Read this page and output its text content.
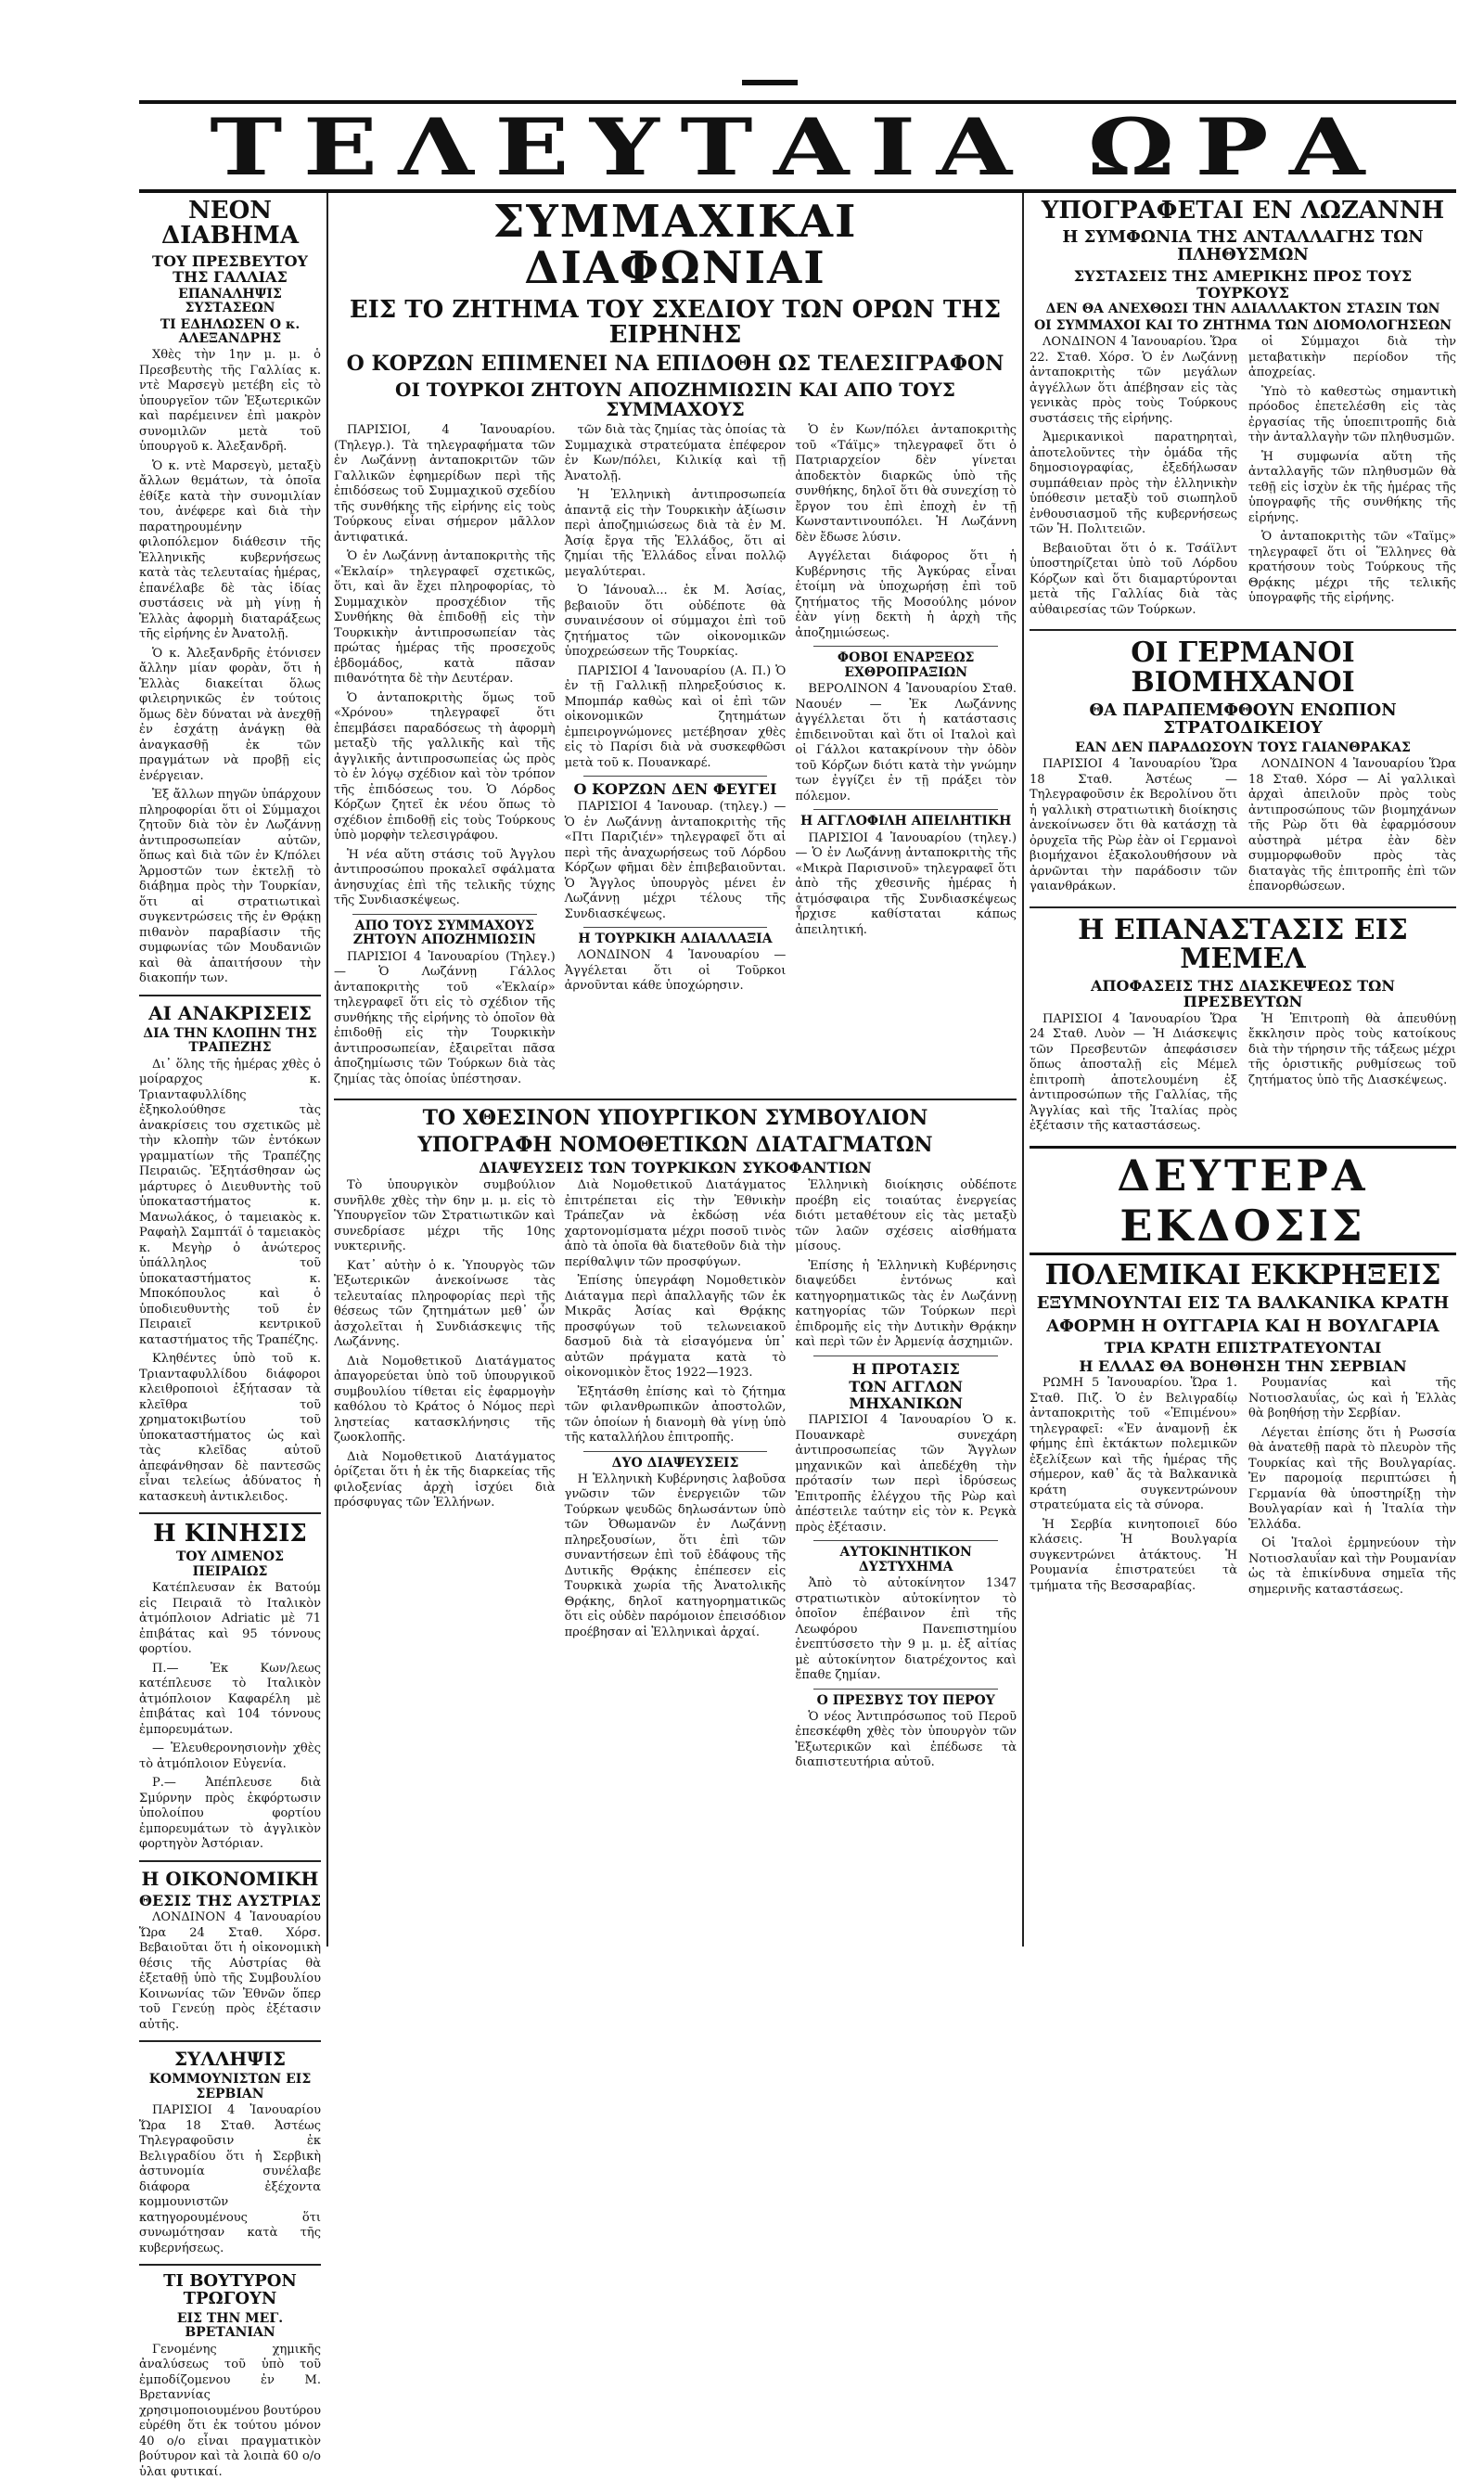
ΤΕΛΕΥΤΑΙΑ ΩΡΑ
ΝΕΟΝ ΔΙΑΒΗΜΑ
ΤΟΥ ΠΡΕΣΒΕΥΤΟΥ ΤΗΣ ΓΑΛΛΙΑΣ
ΕΠΑΝΑΛΗΨΙΣ ΣΥΣΤΑΣΕΩΝ
ΤΙ ΕΔΗΛΩΣΕΝ Ο κ. ΑΛΕΞΑΝΔΡΗΣ

Χθὲς τὴν 1ην μ. μ. ὁ Πρεσβευτὴς τῆς Γαλλίας κ. ντὲ Μαρσεγὺ μετέβη εἰς τὸ ὑπουργεῖον τῶν Ἐξωτερικῶν καὶ παρέμεινεν ἐπὶ μακρὸν συνομιλῶν μετὰ τοῦ ὑπουργοῦ κ. Ἀλεξανδρῆ.

Ὁ κ. ντὲ Μαρσεγὺ, μεταξὺ ἄλλων θεμάτων, τὰ ὁποῖα ἐθίξε κατὰ τὴν συνομιλίαν του, ἀνέφερε καὶ διὰ τὴν παρατηρουμένην φιλοπόλεμον διάθεσιν τῆς Ἑλληνικῆς κυβερνήσεως κατὰ τὰς τελευταίας ἡμέρας, ἐπανέλαβε δὲ τὰς ἰδίας συστάσεις νὰ μὴ γίνῃ ἡ Ἑλλὰς ἀφορμὴ διαταράξεως τῆς εἰρήνης ἐν Ἀνατολῇ.

Ὁ κ. Ἀλεξανδρῆς ἐτόνισεν ἄλλην μίαν φορὰν, ὅτι ἡ Ἑλλὰς διακείται ὅλως φιλειρηνικῶς ἐν τούτοις ὅμως δὲν δύναται νὰ ἀνεχθῇ ἐν ἐσχάτῃ ἀνάγκῃ θὰ ἀναγκασθῇ ἐκ τῶν πραγμάτων νὰ προβῇ εἰς ἐνέργειαν.

Ἐξ ἄλλων πηγῶν ὑπάρχουν πληροφορίαι ὅτι οἱ Σύμμαχοι ζητοῦν διὰ τὸν ἐν Λωζάννῃ ἀντιπροσωπείαν αὐτῶν, ὅπως καὶ διὰ τῶν ἐν Κ/πόλει Ἁρμοστῶν των ἐκτελῇ τὸ διάβημα πρὸς τὴν Τουρκίαν, ὅτι αἱ στρατιωτικαὶ συγκεντρώσεις τῆς ἐν Θρᾴκῃ πιθανὸν παραβίασιν τῆς συμφωνίας τῶν Μουδανιῶν καὶ θὰ ἀπαιτήσουν τὴν διακοπήν των.

ΑΙ ΑΝΑΚΡΙΣΕΙΣ
ΔΙΑ ΤΗΝ ΚΛΟΠΗΝ ΤΗΣ ΤΡΑΠΕΖΗΣ

Δι᾽ ὅλης τῆς ἡμέρας χθὲς ὁ μοίραρχος κ. Τριανταφυλλίδης ἐξηκολούθησε τὰς ἀνακρίσεις του σχετικῶς μὲ τὴν κλοπὴν τῶν ἐντόκων γραμματίων τῆς Τραπέζης Πειραιῶς. Ἐξητάσθησαν ὡς μάρτυρες ὁ Διευθυντὴς τοῦ ὑποκαταστήματος κ. Μανωλάκος, ὁ ταμειακὸς κ. Ραφαὴλ Σαμπτάϊ ὁ ταμειακὸς κ. Μεγὴρ ὁ ἀνώτερος ὑπάλληλος τοῦ ὑποκαταστήματος κ. Μποκόπουλος καὶ ὁ ὑποδιευθυντὴς τοῦ ἐν Πειραιεῖ κεντρικοῦ καταστήματος τῆς Τραπέζης.

Κληθέντες ὑπὸ τοῦ κ. Τριανταφυλλίδου διάφοροι κλειθροποιοὶ ἐξήτασαν τὰ κλεῖθρα τοῦ χρηματοκιβωτίου τοῦ ὑποκαταστήματος ὡς καὶ τὰς κλεῖδας αὐτοῦ ἀπεφάνθησαν δὲ παντεσῶς εἶναι τελείως ἀδύνατος ἡ κατασκευὴ ἀντικλειδος.

Η ΚΙΝΗΣΙΣ
ΤΟΥ ΛΙΜΕΝΟΣ ΠΕΙΡΑΙΩΣ

Κατέπλευσαν ἐκ Βατούμ εἰς Πειραιᾶ τὸ Ιταλικὸν ἀτμόπλοιον Adriatic μὲ 71 ἐπιβάτας καὶ 95 τόννους φορτίου.

Π.— Ἐκ Κων/λεως κατέπλευσε τὸ Ιταλικὸν ἀτμόπλοιον Καφαρέλη μὲ ἐπιβάτας καὶ 104 τόννους ἐμπορευμάτων.

— Ἐλευθερονησιονὴν χθὲς τὸ ἀτμόπλοιον Εὐγενία.

Ρ.— Ἀπέπλευσε διὰ Σμύρνην πρὸς ἐκφόρτωσιν ὑπολοίπου φορτίου ἐμπορευμάτων τὸ ἀγγλικὸν φορτηγὸν Ἀστόριαν.

Η ΟΙΚΟΝΟΜΙΚΗ
ΘΕΣΙΣ ΤΗΣ ΑΥΣΤΡΙΑΣ

ΛΟΝΔΙΝΟΝ 4 Ἰανουαρίου Ὥρα 24 Σταθ. Χόρσ. Βεβαιοῦται ὅτι ἡ οἰκονομικὴ θέσις τῆς Αὐστρίας θὰ ἐξεταθῇ ὑπὸ τῆς Συμβουλίου Κοινωνίας τῶν Ἐθνῶν ὅπερ τοῦ Γενεύῃ πρὸς ἐξέτασιν αὐτῆς.

ΣΥΛΛΗΨΙΣ
ΚΟΜΜΟΥΝΙΣΤΩΝ ΕΙΣ ΣΕΡΒΙΑΝ

ΠΑΡΙΣΙΟΙ 4 Ἰανουαρίου Ὥρα 18 Σταθ. Ἀστέως Τηλεγραφοῦσιν ἐκ Βελιγραδίου ὅτι ἡ Σερβικὴ ἀστυνομία συνέλαβε διάφορα ἐξέχοντα κομμουνιστῶν κατηγορουμένους ὅτι συνωμότησαν κατὰ τῆς κυβερνήσεως.

ΤΙ ΒΟΥΤΥΡΟΝ ΤΡΩΓΟΥΝ
ΕΙΣ ΤΗΝ ΜΕΓ. ΒΡΕΤΑΝΙΑΝ

Γενομένης χημικῆς ἀναλύσεως τοῦ ὑπὸ τοῦ ἐμποδίζομενου ἐν Μ. Βρεταννίας χρησιμοποιουμένου βουτύρου εὑρέθη ὅτι ἐκ τούτου μόνον 40 ο/ο εἶναι πραγματικὸν βούτυρον καὶ τὰ λοιπὰ 60 ο/ο ὑλαι φυτικαί.

ΣΥΜΜΑΧΙΚΑΙ ΔΙΑΦΩΝΙΑΙ
ΕΙΣ ΤΟ ΖΗΤΗΜΑ ΤΟΥ ΣΧΕΔΙΟΥ ΤΩΝ ΟΡΩΝ ΤΗΣ ΕΙΡΗΝΗΣ
Ο ΚΟΡΖΩΝ ΕΠΙΜΕΝΕΙ ΝΑ ΕΠΙΔΟΘΗ ΩΣ ΤΕΛΕΣΙΓΡΑΦΟΝ
ΟΙ ΤΟΥΡΚΟΙ ΖΗΤΟΥΝ ΑΠΟΖΗΜΙΩΣΙΝ ΚΑΙ ΑΠΟ ΤΟΥΣ ΣΥΜΜΑΧΟΥΣ

ΠΑΡΙΣΙΟΙ, 4 Ἰανουαρίου. (Τηλεγρ.). Τὰ τηλεγραφήματα τῶν ἐν Λωζάννῃ ἀνταποκριτῶν τῶν Γαλλικῶν ἐφημερίδων περὶ τῆς ἐπιδόσεως τοῦ Συμμαχικοῦ σχεδίου τῆς συνθήκης τῆς εἰρήνης εἰς τοὺς Τούρκους εἶναι σήμερον μᾶλλον ἀντιφατικά.

Ὁ ἐν Λωζάννῃ ἀνταποκριτὴς τῆς «Ἐκλαίρ» τηλεγραφεῖ σχετικῶς, ὅτι, καὶ ἂν ἔχει πληροφορίας, τὸ Συμμαχικὸν προσχέδιον τῆς Συνθήκης θὰ ἐπιδοθῇ εἰς τὴν Τουρκικὴν ἀντιπροσωπείαν τὰς πρώτας ἡμέρας τῆς προσεχοῦς ἑβδομάδος, κατὰ πᾶσαν πιθανότητα δὲ τὴν Δευτέραν.

Ὁ ἀνταποκριτὴς ὅμως τοῦ «Χρόνου» τηλεγραφεῖ ὅτι ἐπεμβάσει παραδόσεως τὴ ἀφορμὴ μεταξὺ τῆς γαλλικῆς καὶ τῆς ἀγγλικῆς ἀντιπροσωπείας ὡς πρὸς τὸ ἐν λόγῳ σχέδιον καὶ τὸν τρόπον τῆς ἐπιδόσεως του. Ὁ Λόρδος Κόρζων ζητεῖ ἐκ νέου ὅπως τὸ σχέδιον ἐπιδοθῇ εἰς τοὺς Τούρκους ὑπὸ μορφὴν τελεσιγράφου.

Ἡ νέα αὕτη στάσις τοῦ Ἀγγλου ἀντιπροσώπου προκαλεῖ σφάλματα ἀνησυχίας ἐπὶ τῆς τελικῆς τύχης τῆς Συνδιασκέψεως.

ΑΠΟ ΤΟΥΣ ΣΥΜΜΑΧΟΥΣ ΖΗΤΟΥΝ ΑΠΟΖΗΜΙΩΣΙΝ

ΠΑΡΙΣΙΟΙ 4 Ἰανουαρίου (Τηλεγ.) — Ὁ Λωζάννῃ Γάλλος ἀνταποκριτὴς τοῦ «Ἐκλαίρ» τηλεγραφεῖ ὅτι εἰς τὸ σχέδιον τῆς συνθήκης τῆς εἰρήνης τὸ ὁποῖον θὰ ἐπιδοθῇ εἰς τὴν Τουρκικὴν ἀντιπροσωπείαν, ἐξαιρεῖται πᾶσα ἀποζημίωσις τῶν Τούρκων διὰ τὰς ζημίας τὰς ὁποίας ὑπέστησαν.

τῶν διὰ τὰς ζημίας τὰς ὁποίας τὰ Συμμαχικὰ στρατεύματα ἐπέφερον ἐν Κων/πόλει, Κιλικίᾳ καὶ τῇ Ἀνατολῇ.

Ἡ Ἑλληνικὴ ἀντιπροσωπεία ἀπαντᾷ εἰς τὴν Τουρκικὴν ἀξίωσιν περὶ ἀποζημιώσεως διὰ τὰ ἐν Μ. Ἀσίᾳ ἔργα τῆς Ἑλλάδος, ὅτι αἱ ζημίαι τῆς Ἑλλάδος εἶναι πολλῷ μεγαλύτεραι.

Ὁ Ἰάνουαλ... ἐκ Μ. Ἀσίας, βεβαιοῦν ὅτι οὐδέποτε θὰ συναινέσουν οἱ σύμμαχοι ἐπὶ τοῦ ζητήματος τῶν οἰκονομικῶν ὑποχρεώσεων τῆς Τουρκίας.

ΠΑΡΙΣΙΟΙ 4 Ἰανουαρίου (Α. Π.) Ὁ ἐν τῇ Γαλλικῇ πληρεξούσιος κ. Μπομπάρ καθὼς καὶ οἱ ἐπὶ τῶν οἰκονομικῶν ζητημάτων ἐμπειρογνώμονες μετέβησαν χθὲς εἰς τὸ Παρίσι διὰ νὰ συσκεφθῶσι μετὰ τοῦ κ. Πουανκαρέ.

Ο ΚΟΡΖΩΝ ΔΕΝ ΦΕΥΓΕΙ

ΠΑΡΙΣΙΟΙ 4 Ἰανουαρ. (τηλεγ.) — Ὁ ἐν Λωζάννῃ ἀνταποκριτὴς τῆς «Πτι Παριζιέν» τηλεγραφεῖ ὅτι αἱ περὶ τῆς ἀναχωρήσεως τοῦ Λόρδου Κόρζων φῆμαι δὲν ἐπιβεβαιοῦνται. Ὁ Ἄγγλος ὑπουργὸς μένει ἐν Λωζάννῃ μέχρι τέλους τῆς Συνδιασκέψεως.

Η ΤΟΥΡΚΙΚΗ ΑΔΙΑΛΛΑΞΙΑ

ΛΟΝΔΙΝΟΝ 4 Ἰανουαρίου — Ἀγγέλεται ὅτι οἱ Τοῦρκοι ἀρνοῦνται κάθε ὑποχώρησιν.

Ὁ ἐν Κων/πόλει ἀνταποκριτὴς τοῦ «Τάϊμς» τηλεγραφεῖ ὅτι ὁ Πατριαρχείον δὲν γίνεται ἀποδεκτὸν διαρκῶς ὑπὸ τῆς συνθήκης, δηλοῖ ὅτι θὰ συνεχίσῃ τὸ ἔργον του ἐπὶ ἐποχὴ ἐν τῇ Κωνσταντινουπόλει. Ἡ Λωζάννη δὲν ἔδωσε λύσιν.

Αγγέλεται διάφορος ὅτι ἡ Κυβέρνησις τῆς Ἀγκύρας εἶναι ἑτοίμη νὰ ὑποχωρήσῃ ἐπὶ τοῦ ζητήματος τῆς Μοσούλης μόνον ἐὰν γίνῃ δεκτὴ ἡ ἀρχὴ τῆς ἀποζημιώσεως.

ΦΟΒΟΙ ΕΝΑΡΞΕΩΣ ΕΧΘΡΟΠΡΑΞΙΩΝ

ΒΕΡΟΛΙΝΟΝ 4 Ἰανουαρίου Σταθ. Ναουέν — Ἐκ Λωζάννης ἀγγέλλεται ὅτι ἡ κατάστασις ἐπιδεινοῦται καὶ ὅτι οἱ Ιταλοὶ καὶ οἱ Γάλλοι κατακρίνουν τὴν ὁδὸν τοῦ Κόρζων διότι κατὰ τὴν γνώμην των ἐγγίζει ἐν τῇ πράξει τὸν πόλεμον.

Η ΑΓΓΛΟΦΙΛΗ ΑΠΕΙΛΗΤΙΚΗ

ΠΑΡΙΣΙΟΙ 4 Ἰανουαρίου (τηλεγ.) — Ὁ ἐν Λωζάννῃ ἀνταποκριτὴς τῆς «Μικρὰ Παρισινοῦ» τηλεγραφεῖ ὅτι ἀπὸ τῆς χθεσινῆς ἡμέρας ἡ ἀτμόσφαιρα τῆς Συνδιασκέψεως ἦρχισε καθίσταται κάπως ἀπειλητική.

ΤΟ ΧΘΕΣΙΝΟΝ ΥΠΟΥΡΓΙΚΟΝ ΣΥΜΒΟΥΛΙΟΝ
ΥΠΟΓΡΑΦΗ ΝΟΜΟΘΕΤΙΚΩΝ ΔΙΑΤΑΓΜΑΤΩΝ
ΔΙΑΨΕΥΣΕΙΣ ΤΩΝ ΤΟΥΡΚΙΚΩΝ ΣΥΚΟΦΑΝΤΙΩΝ

Τὸ ὑπουργικὸν συμβούλιον συνῆλθε χθὲς τὴν 6ην μ. μ. εἰς τὸ Ὑπουργεῖον τῶν Στρατιωτικῶν καὶ συνεδρίασε μέχρι τῆς 10ης νυκτερινῆς.

Κατ᾽ αὐτὴν ὁ κ. Ὑπουργὸς τῶν Ἐξωτερικῶν ἀνεκοίνωσε τὰς τελευταίας πληροφορίας περὶ τῆς θέσεως τῶν ζητημάτων μεθ᾽ ὧν ἀσχολεῖται ἡ Συνδιάσκεψις τῆς Λωζάννης.

Διὰ Νομοθετικοῦ Διατάγματος ἀπαγορεύεται ὑπὸ τοῦ ὑπουργικοῦ συμβουλίου τίθεται εἰς ἐφαρμογὴν καθόλου τὸ Κράτος ὁ Νόμος περὶ ληστείας κατασκλήνησις τῆς ζωοκλοπῆς.

Διὰ Νομοθετικοῦ Διατάγματος ὁρίζεται ὅτι ἡ ἐκ τῆς διαρκείας τῆς φιλοξενίας ἀρχὴ ἰσχύει διὰ πρόσφυγας τῶν Ἑλλήνων.

Διὰ Νομοθετικοῦ Διατάγματος ἐπιτρέπεται εἰς τὴν Ἐθνικὴν Τράπεζαν νὰ ἐκδώσῃ νέα χαρτονομίσματα μέχρι ποσοῦ τινὸς ἀπὸ τὰ ὁποῖα θὰ διατεθοῦν διὰ τὴν περίθαλψιν τῶν προσφύγων.

Ἐπίσης ὑπεγράφη Νομοθετικὸν Διάταγμα περὶ ἀπαλλαγῆς τῶν ἐκ Μικρᾶς Ἀσίας καὶ Θρᾴκης προσφύγων τοῦ τελωνειακοῦ δασμοῦ διὰ τὰ εἰσαγόμενα ὑπ᾽ αὐτῶν πράγματα κατὰ τὸ οἰκονομικὸν ἔτος 1922—1923.

Ἐξητάσθη ἐπίσης καὶ τὸ ζήτημα τῶν φιλανθρωπικῶν ἀποστολῶν, τῶν ὁποίων ἡ διανομὴ θὰ γίνῃ ὑπὸ τῆς καταλλήλου ἐπιτροπῆς.

ΔΥΟ ΔΙΑΨΕΥΣΕΙΣ

Η Ἑλληνικὴ Κυβέρνησις λαβοῦσα γνῶσιν τῶν ἐνεργειῶν τῶν Τούρκων ψευδῶς δηλωσάντων ὑπὸ τῶν Ὀθωμανῶν ἐν Λωζάννῃ πληρεξουσίων, ὅτι ἐπὶ τῶν συναντήσεων ἐπὶ τοῦ ἐδάφους τῆς Δυτικῆς Θρᾴκης ἐπέπεσεν εἰς Τουρκικὰ χωρία τῆς Ἀνατολικῆς Θρᾴκης, δηλοῖ κατηγορηματικῶς ὅτι εἰς οὐδὲν παρόμοιον ἐπεισόδιον προέβησαν αἱ Ἑλληνικαὶ ἀρχαί.

Ἑλληνικὴ διοίκησις οὐδέποτε προέβη εἰς τοιαύτας ἐνεργείας διότι μεταθέτουν εἰς τὰς μεταξὺ τῶν λαῶν σχέσεις αἰσθήματα μίσους.

Ἐπίσης ἡ Ἑλληνικὴ Κυβέρνησις διαψεύδει ἐντόνως καὶ κατηγορηματικῶς τὰς ἐν Λωζάννῃ κατηγορίας τῶν Τούρκων περὶ ἐπιδρομῆς εἰς τὴν Δυτικὴν Θρᾴκην καὶ περὶ τῶν ἐν Ἀρμενίᾳ ἀσχημιῶν.

Η ΠΡΟΤΑΣΙΣ
ΤΩΝ ΑΓΓΛΩΝ ΜΗΧΑΝΙΚΩΝ

ΠΑΡΙΣΙΟΙ 4 Ἰανουαρίου Ὁ κ. Πουανκαρὲ συνεχάρη ἀντιπροσωπείας τῶν Ἄγγλων μηχανικῶν καὶ ἀπεδέχθη τὴν πρότασίν των περὶ ἱδρύσεως Ἐπιτροπῆς ἐλέγχου τῆς Ρὼρ καὶ ἀπέστειλε ταύτην εἰς τὸν κ. Ρεγκὰ πρὸς ἐξέτασιν.

ΑΥΤΟΚΙΝΗΤΙΚΟΝ ΔΥΣΤΥΧΗΜΑ

Ἀπὸ τὸ αὐτοκίνητον 1347 στρατιωτικὸν αὐτοκίνητον τὸ ὁποῖον ἐπέβαινον ἐπὶ τῆς Λεωφόρου Πανεπιστημίου ἐνεπτύσσετο τὴν 9 μ. μ. ἐξ αἰτίας μὲ αὐτοκίνητον διατρέχοντος καὶ ἔπαθε ζημίαν.

Ο ΠΡΕΣΒΥΣ ΤΟΥ ΠΕΡΟΥ

Ὁ νέος Ἀντιπρόσωπος τοῦ Περοῦ ἐπεσκέφθη χθὲς τὸν ὑπουργὸν τῶν Ἐξωτερικῶν καὶ ἐπέδωσε τὰ διαπιστευτήρια αὐτοῦ.

ΥΠΟΓΡΑΦΕΤΑΙ ΕΝ ΛΩΖΑΝΝΗ
Η ΣΥΜΦΩΝΙΑ ΤΗΣ ΑΝΤΑΛΛΑΓΗΣ ΤΩΝ ΠΛΗΘΥΣΜΩΝ
ΣΥΣΤΑΣΕΙΣ ΤΗΣ ΑΜΕΡΙΚΗΣ ΠΡΟΣ ΤΟΥΣ ΤΟΥΡΚΟΥΣ
ΔΕΝ ΘΑ ΑΝΕΧΘΩΣΙ ΤΗΝ ΑΔΙΑΛΛΑΚΤΟΝ ΣΤΑΣΙΝ ΤΩΝ
ΟΙ ΣΥΜΜΑΧΟΙ ΚΑΙ ΤΟ ΖΗΤΗΜΑ ΤΩΝ ΔΙΟΜΟΛΟΓΗΣΕΩΝ

ΛΟΝΔΙΝΟΝ 4 Ἰανουαρίου. Ὥρα 22. Σταθ. Χόρσ. Ὁ ἐν Λωζάννῃ ἀνταποκριτὴς τῶν μεγάλων ἀγγέλλων ὅτι ἀπέβησαν εἰς τὰς γενικὰς πρὸς τοὺς Τούρκους συστάσεις τῆς εἰρήνης.

Ἀμερικανικοὶ παρατηρηταὶ, ἀποτελοῦντες τὴν ὁμάδα τῆς δημοσιογραφίας, ἐξεδήλωσαν συμπάθειαν πρὸς τὴν ἑλληνικὴν ὑπόθεσιν μεταξὺ τοῦ σιωπηλοῦ ἐνθουσιασμοῦ τῆς κυβερνήσεως τῶν Ἡ. Πολιτειῶν.

Βεβαιοῦται ὅτι ὁ κ. Τσάϊλντ ὑποστηρίζεται ὑπὸ τοῦ Λόρδου Κόρζων καὶ ὅτι διαμαρτύρονται μετὰ τῆς Γαλλίας διὰ τὰς αὐθαιρεσίας τῶν Τούρκων.

οἱ Σύμμαχοι διὰ τὴν μεταβατικὴν περίοδον τῆς ἀποχρείας.

Ὑπὸ τὸ καθεστὼς σημαντικὴ πρόοδος ἐπετελέσθη εἰς τὰς ἐργασίας τῆς ὑποεπιτροπῆς διὰ τὴν ἀνταλλαγὴν τῶν πληθυσμῶν.

Ἡ συμφωνία αὕτη τῆς ἀνταλλαγῆς τῶν πληθυσμῶν θὰ τεθῇ εἰς ἰσχὺν ἐκ τῆς ἡμέρας τῆς ὑπογραφῆς τῆς συνθήκης τῆς εἰρήνης.

Ὁ ἀνταποκριτὴς τῶν «Ταϊμς» τηλεγραφεῖ ὅτι οἱ Ἕλληνες θὰ κρατήσουν τοὺς Τούρκους τῆς Θρᾴκης μέχρι τῆς τελικῆς ὑπογραφῆς τῆς εἰρήνης.

ΟΙ ΓΕΡΜΑΝΟΙ ΒΙΟΜΗΧΑΝΟΙ
ΘΑ ΠΑΡΑΠΕΜΦΘΟΥΝ ΕΝΩΠΙΟΝ ΣΤΡΑΤΟΔΙΚΕΙΟΥ
ΕΑΝ ΔΕΝ ΠΑΡΑΔΩΣΟΥΝ ΤΟΥΣ ΓΑΙΑΝΘΡΑΚΑΣ

ΠΑΡΙΣΙΟΙ 4 Ἰανουαρίου Ὥρα 18 Σταθ. Ἀστέως — Τηλεγραφοῦσιν ἐκ Βερολίνου ὅτι ἡ γαλλικὴ στρατιωτικὴ διοίκησις ἀνεκοίνωσεν ὅτι θὰ κατάσχῃ τὰ ὀρυχεῖα τῆς Ρὼρ ἐὰν οἱ Γερμανοὶ βιομήχανοι ἐξακολουθήσουν νὰ ἀρνῶνται τὴν παράδοσιν τῶν γαιανθράκων.

ΛΟΝΔΙΝΟΝ 4 Ἰανουαρίου Ὥρα 18 Σταθ. Χόρσ — Αἱ γαλλικαὶ ἀρχαὶ ἀπειλοῦν πρὸς τοὺς ἀντιπροσώπους τῶν βιομηχάνων τῆς Ρὼρ ὅτι θὰ ἐφαρμόσουν αὐστηρὰ μέτρα ἐὰν δὲν συμμορφωθοῦν πρὸς τὰς διαταγὰς τῆς ἐπιτροπῆς ἐπὶ τῶν ἐπανορθώσεων.

Η ΕΠΑΝΑΣΤΑΣΙΣ ΕΙΣ ΜΕΜΕΛ
ΑΠΟΦΑΣΕΙΣ ΤΗΣ ΔΙΑΣΚΕΨΕΩΣ ΤΩΝ ΠΡΕΣΒΕΥΤΩΝ

ΠΑΡΙΣΙΟΙ 4 Ἰανουαρίου Ὥρα 24 Σταθ. Λυὸν — Ἡ Διάσκεψις τῶν Πρεσβευτῶν ἀπεφάσισεν ὅπως ἀποσταλῇ εἰς Μέμελ ἐπιτροπὴ ἀποτελουμένη ἐξ ἀντιπροσώπων τῆς Γαλλίας, τῆς Ἀγγλίας καὶ τῆς Ἰταλίας πρὸς ἐξέτασιν τῆς καταστάσεως.

Ἡ Ἐπιτροπὴ θὰ ἀπευθύνῃ ἔκκλησιν πρὸς τοὺς κατοίκους διὰ τὴν τήρησιν τῆς τάξεως μέχρι τῆς ὁριστικῆς ρυθμίσεως τοῦ ζητήματος ὑπὸ τῆς Διασκέψεως.

ΔΕΥΤΕΡΑ ΕΚΔΟΣΙΣ
ΠΟΛΕΜΙΚΑΙ ΕΚΚΡΗΞΕΙΣ
ΕΞΥΜΝΟΥΝΤΑΙ ΕΙΣ ΤΑ ΒΑΛΚΑΝΙΚΑ ΚΡΑΤΗ
ΑΦΟΡΜΗ Η ΟΥΓΓΑΡΙΑ ΚΑΙ Η ΒΟΥΛΓΑΡΙΑ
ΤΡΙΑ ΚΡΑΤΗ ΕΠΙΣΤΡΑΤΕΥΟΝΤΑΙ
Η ΕΛΛΑΣ ΘΑ ΒΟΗΘΗΣΗ ΤΗΝ ΣΕΡΒΙΑΝ

ΡΩΜΗ 5 Ἰανουαρίου. Ὥρα 1. Σταθ. Πιζ. Ὁ ἐν Βελιγραδίῳ ἀνταποκριτὴς τοῦ «Ἐπιμένου» τηλεγραφεῖ: «Ἐν ἀναμονῇ ἐκ φήμης ἐπὶ ἐκτάκτων πολεμικῶν ἐξελίξεων καὶ τῆς ἡμέρας τῆς σήμερον, καθ᾽ ἅς τὰ Βαλκανικὰ κράτη συγκεντρώνουν στρατεύματα εἰς τὰ σύνορα.

Ἡ Σερβία κινητοποιεῖ δύο κλάσεις. Ἡ Βουλγαρία συγκεντρώνει ἀτάκτους. Ἡ Ρουμανία ἐπιστρατεύει τὰ τμήματα τῆς Βεσσαραβίας.

Ρουμανίας καὶ τῆς Νοτιοσλαυΐας, ὡς καὶ ἡ Ἑλλὰς θὰ βοηθήσῃ τὴν Σερβίαν.

Λέγεται ἐπίσης ὅτι ἡ Ρωσσία θὰ ἀνατεθῇ παρὰ τὸ πλευρὸν τῆς Τουρκίας καὶ τῆς Βουλγαρίας. Ἐν παρομοίᾳ περιπτώσει ἡ Γερμανία θὰ ὑποστηρίξῃ τὴν Βουλγαρίαν καὶ ἡ Ἰταλία τὴν Ἑλλάδα.

Οἱ Ἰταλοὶ ἐρμηνεύουν τὴν Νοτιοσλαυΐαν καὶ τὴν Ρουμανίαν ὡς τὰ ἐπικίνδυνα σημεῖα τῆς σημερινῆς καταστάσεως.
